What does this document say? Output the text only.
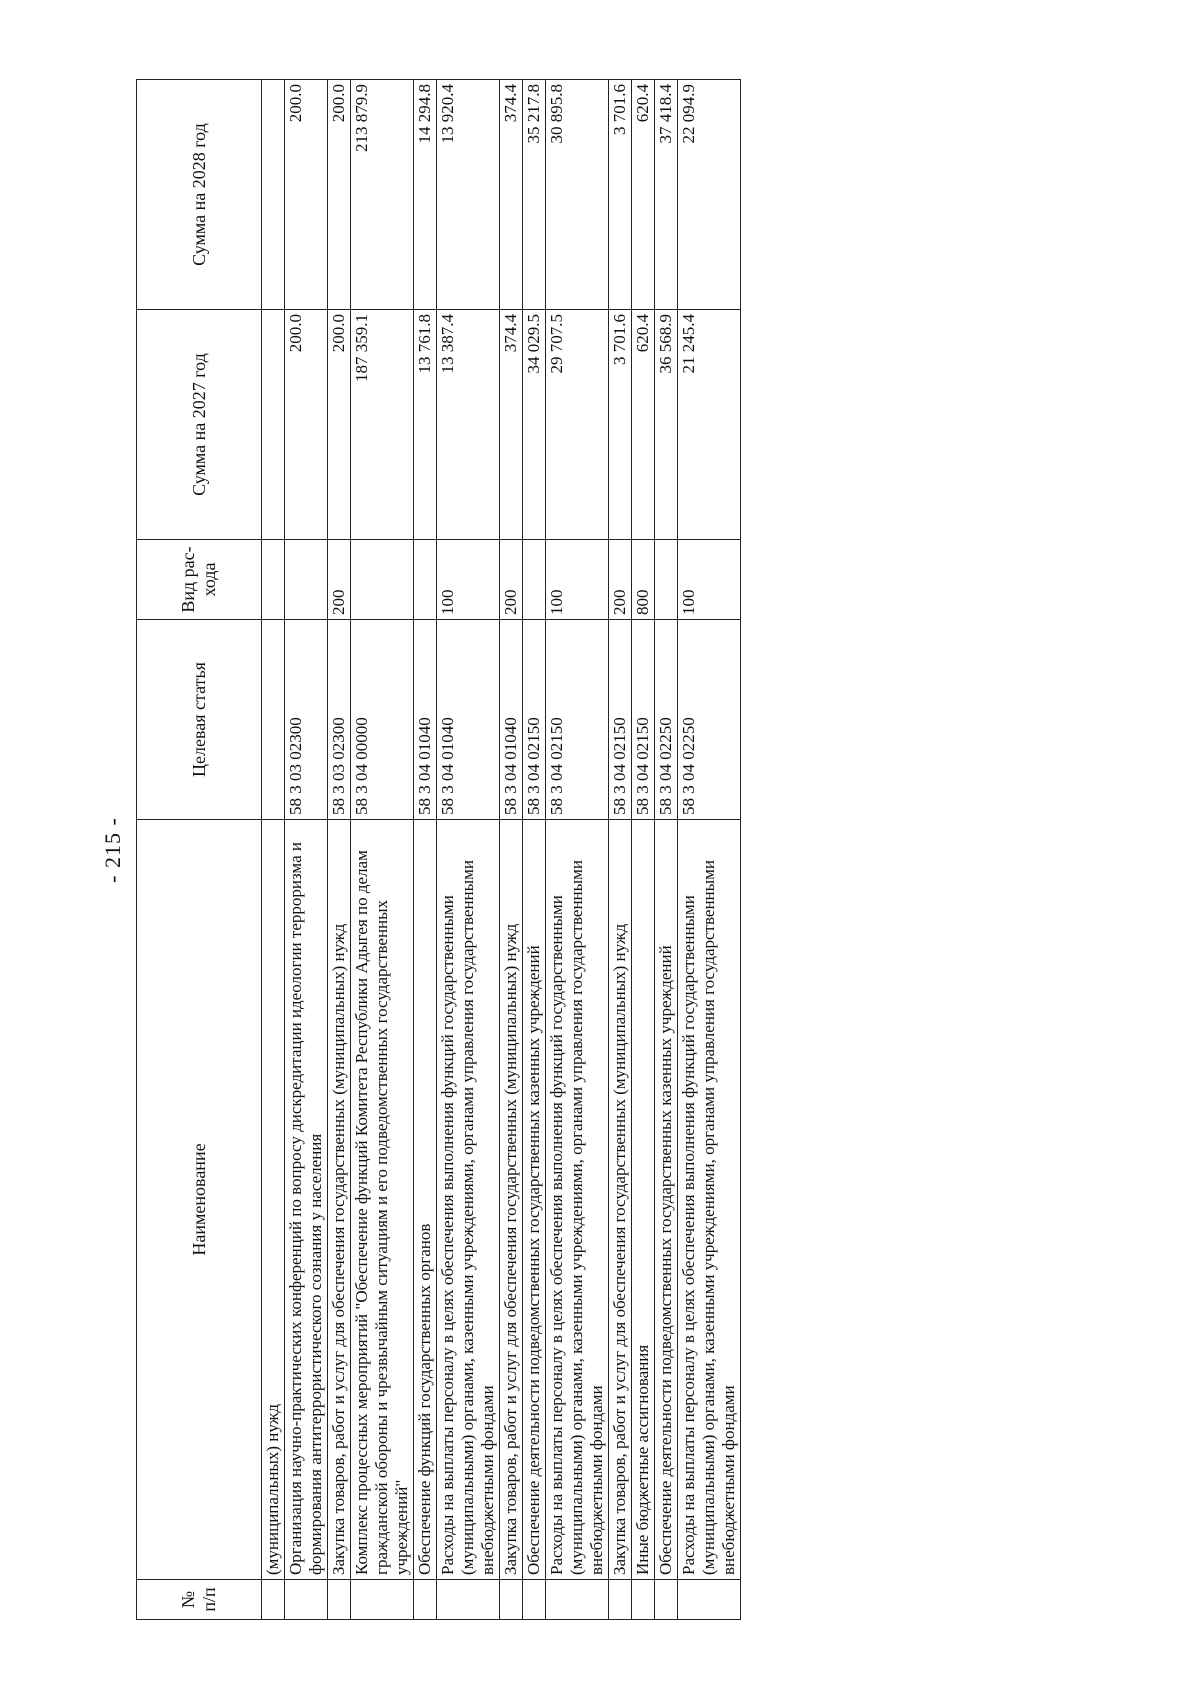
- 215 -
№ п/п	Наименование	Целевая статья	Вид рас-хода	Сумма на 2027 год	Сумма на 2028 год
	(муниципальных) нужд				
	Организация научно-практических конференций по вопросу дискредитации идеологии терроризма и формирования антитеррористического сознания у населения	58 3 03 02300		200.0	200.0
	Закупка товаров, работ и услуг для обеспечения государственных (муниципальных) нужд	58 3 03 02300	200	200.0	200.0
	Комплекс процессных мероприятий "Обеспечение функций Комитета Республики Адыгея по делам гражданской обороны и чрезвычайным ситуациям и его подведомственных государственных учреждений"	58 3 04 00000		187 359.1	213 879.9
	Обеспечение функций государственных органов	58 3 04 01040		13 761.8	14 294.8
	Расходы на выплаты персоналу в целях обеспечения выполнения функций государственными (муниципальными) органами, казенными учреждениями, органами управления государственными внебюджетными фондами	58 3 04 01040	100	13 387.4	13 920.4
	Закупка товаров, работ и услуг для обеспечения государственных (муниципальных) нужд	58 3 04 01040	200	374.4	374.4
	Обеспечение деятельности подведомственных государственных казенных учреждений	58 3 04 02150		34 029.5	35 217.8
	Расходы на выплаты персоналу в целях обеспечения выполнения функций государственными (муниципальными) органами, казенными учреждениями, органами управления государственными внебюджетными фондами	58 3 04 02150	100	29 707.5	30 895.8
	Закупка товаров, работ и услуг для обеспечения государственных (муниципальных) нужд	58 3 04 02150	200	3 701.6	3 701.6
	Иные бюджетные ассигнования	58 3 04 02150	800	620.4	620.4
	Обеспечение деятельности подведомственных государственных казенных учреждений	58 3 04 02250		36 568.9	37 418.4
	Расходы на выплаты персоналу в целях обеспечения выполнения функций государственными (муниципальными) органами, казенными учреждениями, органами управления государственными внебюджетными фондами	58 3 04 02250	100	21 245.4	22 094.9
